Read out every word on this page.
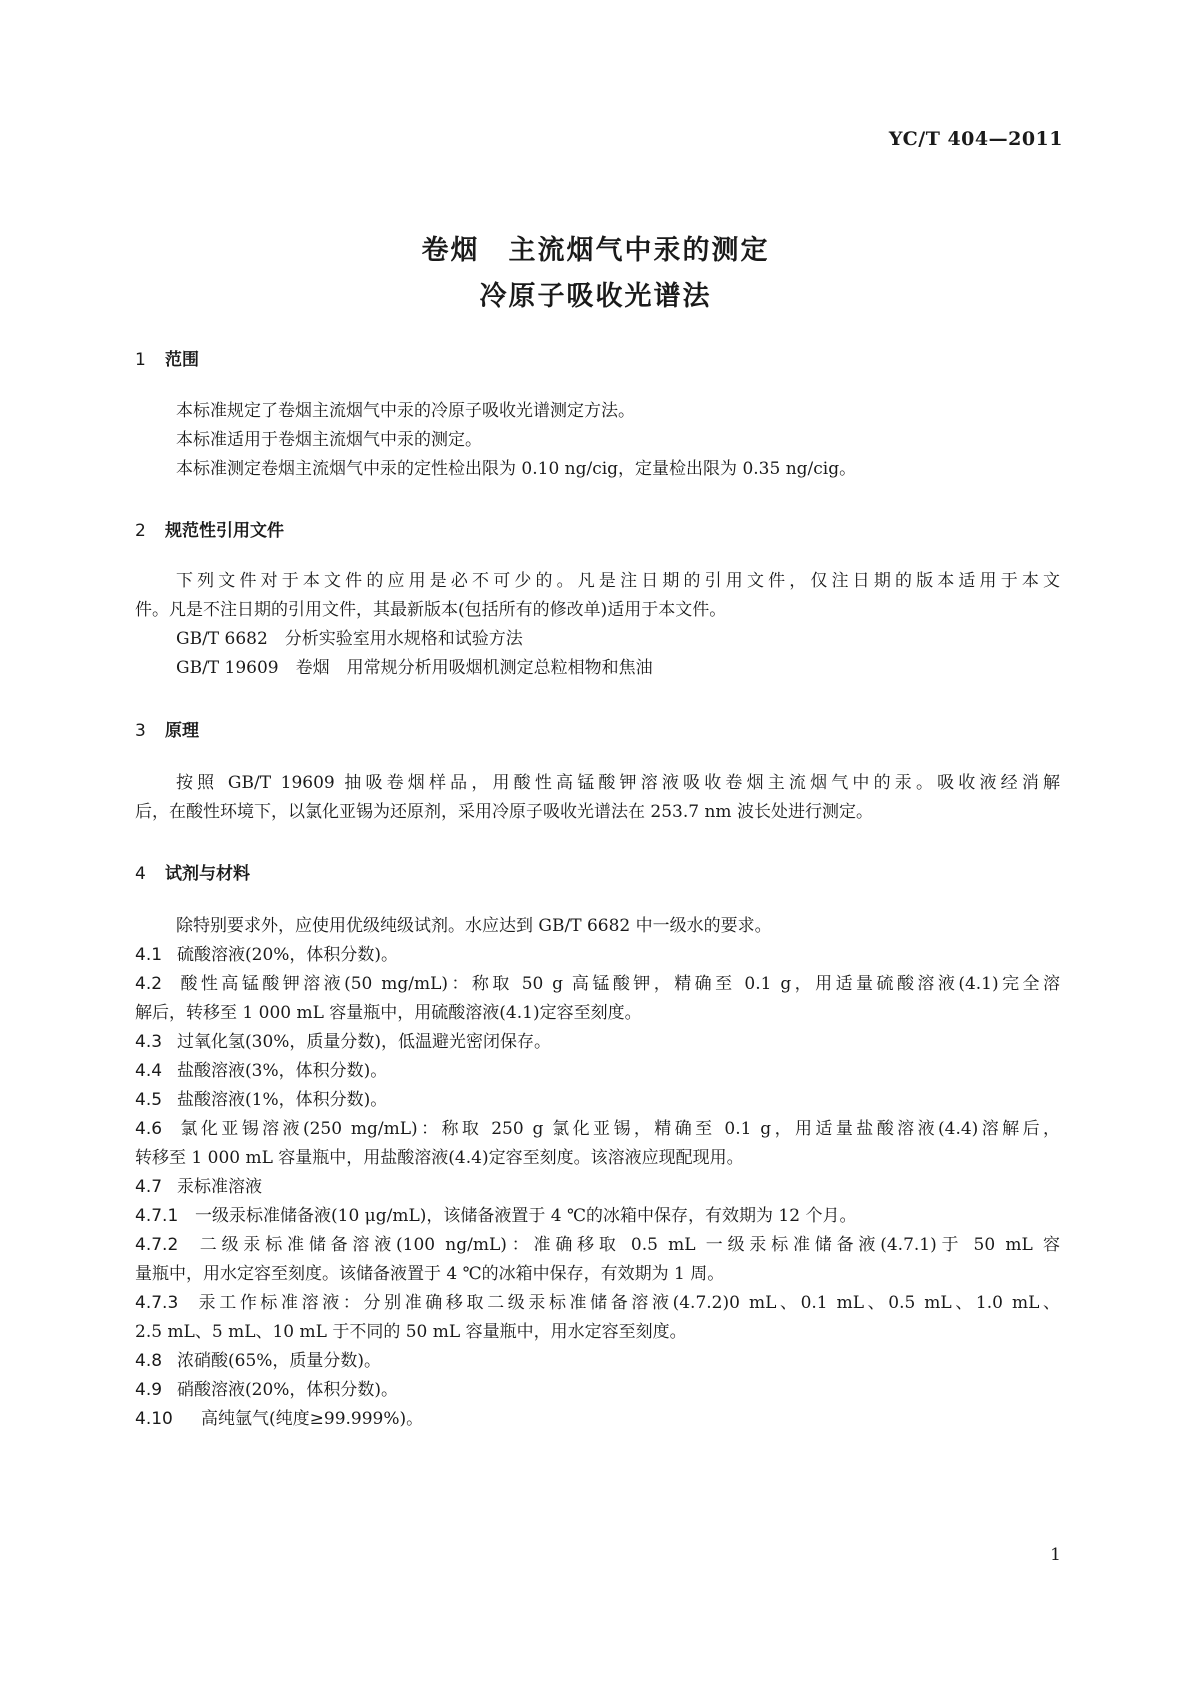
YC/T 404—2011
卷烟　主流烟气中汞的测定
冷原子吸收光谱法
1 范围
本标准规定了卷烟主流烟气中汞的冷原子吸收光谱测定方法。
本标准适用于卷烟主流烟气中汞的测定。
本标准测定卷烟主流烟气中汞的定性检出限为 0.10 ng/cig，定量检出限为 0.35 ng/cig。
2 规范性引用文件
下列文件对于本文件的应用是必不可少的。凡是注日期的引用文件，仅注日期的版本适用于本文
件。凡是不注日期的引用文件，其最新版本(包括所有的修改单)适用于本文件。
GB/T 6682　分析实验室用水规格和试验方法
GB/T 19609　卷烟　用常规分析用吸烟机测定总粒相物和焦油
3 原理
按照 GB/T 19609 抽吸卷烟样品，用酸性高锰酸钾溶液吸收卷烟主流烟气中的汞。吸收液经消解
后，在酸性环境下，以氯化亚锡为还原剂，采用冷原子吸收光谱法在 253.7 nm 波长处进行测定。
4 试剂与材料
除特别要求外，应使用优级纯级试剂。水应达到 GB/T 6682 中一级水的要求。
4.1 硫酸溶液(20%，体积分数)。
4.2 酸性高锰酸钾溶液(50 mg/mL)：称取 50 g 高锰酸钾，精确至 0.1 g，用适量硫酸溶液(4.1)完全溶
解后，转移至 1 000 mL 容量瓶中，用硫酸溶液(4.1)定容至刻度。
4.3 过氧化氢(30%，质量分数)，低温避光密闭保存。
4.4 盐酸溶液(3%，体积分数)。
4.5 盐酸溶液(1%，体积分数)。
4.6 氯化亚锡溶液(250 mg/mL)：称取 250 g 氯化亚锡，精确至 0.1 g，用适量盐酸溶液(4.4)溶解后，
转移至 1 000 mL 容量瓶中，用盐酸溶液(4.4)定容至刻度。该溶液应现配现用。
4.7 汞标准溶液
4.7.1 一级汞标准储备液(10 μg/mL)，该储备液置于 4 ℃的冰箱中保存，有效期为 12 个月。
4.7.2 二级汞标准储备溶液(100 ng/mL)：准确移取 0.5 mL 一级汞标准储备液(4.7.1)于 50 mL 容
量瓶中，用水定容至刻度。该储备液置于 4 ℃的冰箱中保存，有效期为 1 周。
4.7.3 汞工作标准溶液：分别准确移取二级汞标准储备溶液(4.7.2)0 mL、0.1 mL、0.5 mL、1.0 mL、
2.5 mL、5 mL、10 mL 于不同的 50 mL 容量瓶中，用水定容至刻度。
4.8 浓硝酸(65%，质量分数)。
4.9 硝酸溶液(20%，体积分数)。
4.10 高纯氩气(纯度≥99.999%)。
1
